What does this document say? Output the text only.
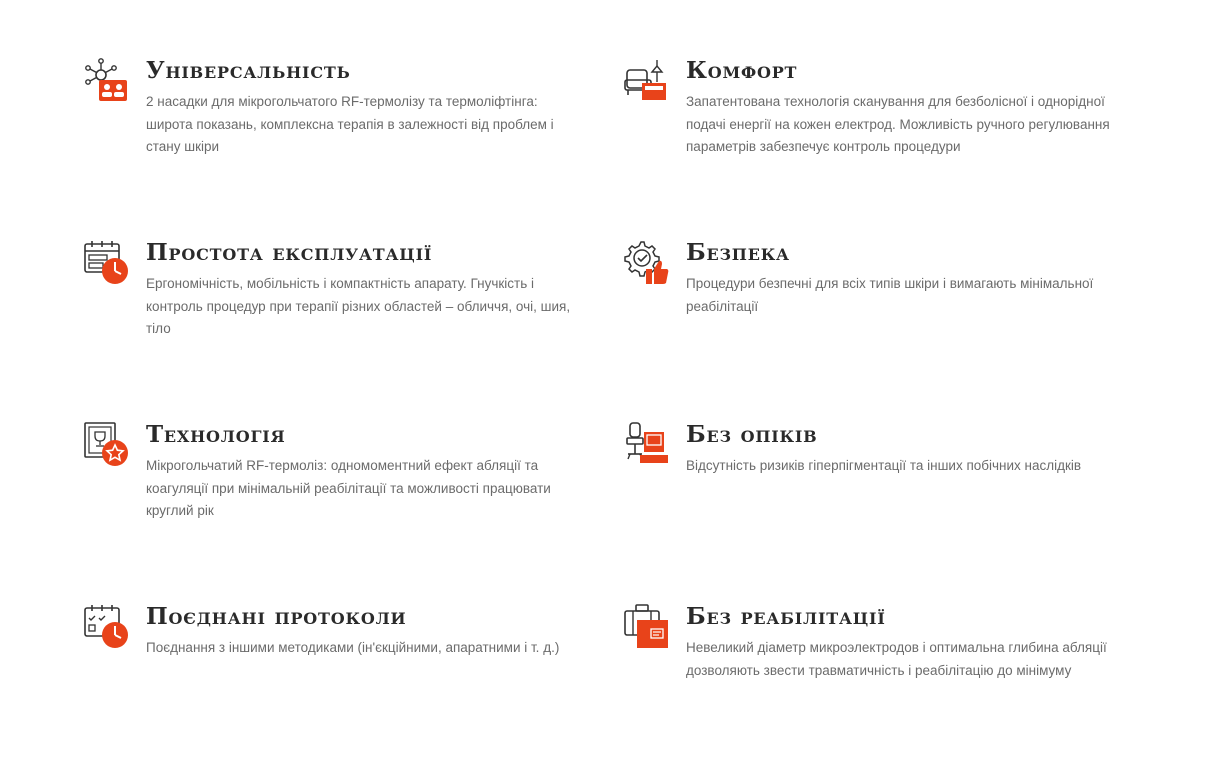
Універсальність

2 насадки для мікрогольчатого RF-термолізу та термоліфтінга: широта показань, комплексна терапія в залежності від проблем і стану шкіри

Комфорт

Запатентована технологія сканування для безболісної і однорідної подачі енергії на кожен електрод. Можливість ручного регулювання параметрів забезпечує контроль процедури

Простота експлуатації

Ергономічність, мобільність і компактність апарату. Гнучкість і контроль процедур при терапії різних областей – обличчя, очі, шия, тіло

Безпека

Процедури безпечні для всіх типів шкіри і вимагають мінімальної реабілітації

Технологія

Мікрогольчатий RF-термоліз: одномоментний ефект абляції та коагуляції при мінімальній реабілітації та можливості працювати круглий рік

Без опіків

Відсутність ризиків гіперпігментації та інших побічних наслідків

Поєднані протоколи

Поєднання з іншими методиками (ін'єкційними, апаратними і т. д.)

Без реабілітації

Невеликий діаметр микроэлектродов і оптимальна глибина абляції дозволяють звести травматичність і реабілітацію до мінімуму
